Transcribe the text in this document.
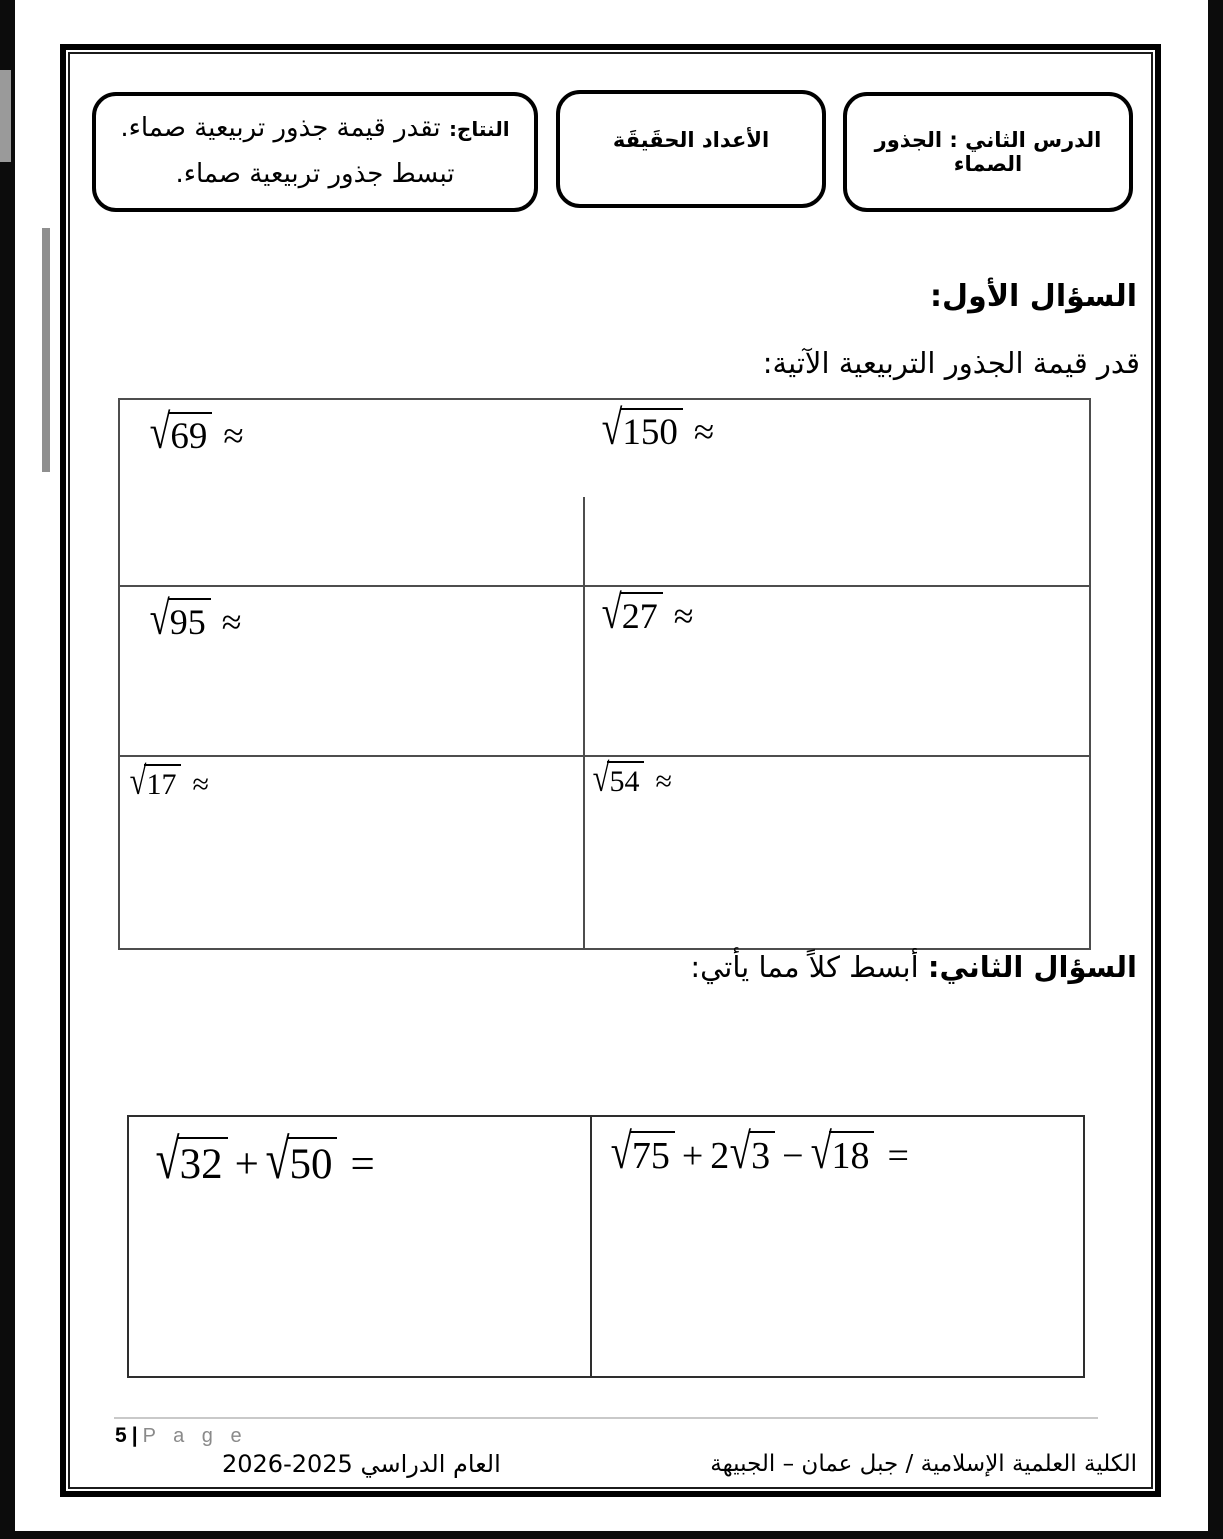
النتاج: تقدر قيمة جذور تربيعية صماء.
تبسط جذور تربيعية صماء.
الأعداد الحقَيقَة	الدرس الثاني : الجذور الصماء
السؤال الأول:
قدر قيمة الجذور التربيعية الآتية:
√69 ≈	√150 ≈
√95 ≈	√27 ≈
√17 ≈	√54 ≈
السؤال الثاني: أبسط كلاً مما يأتي:
√32 + √50 =	√75 + 2√3 − √18 =
5 | P a g e
العام الدراسي 2025-2026	الكلية العلمية الإسلامية / جبل عمان – الجبيهة
